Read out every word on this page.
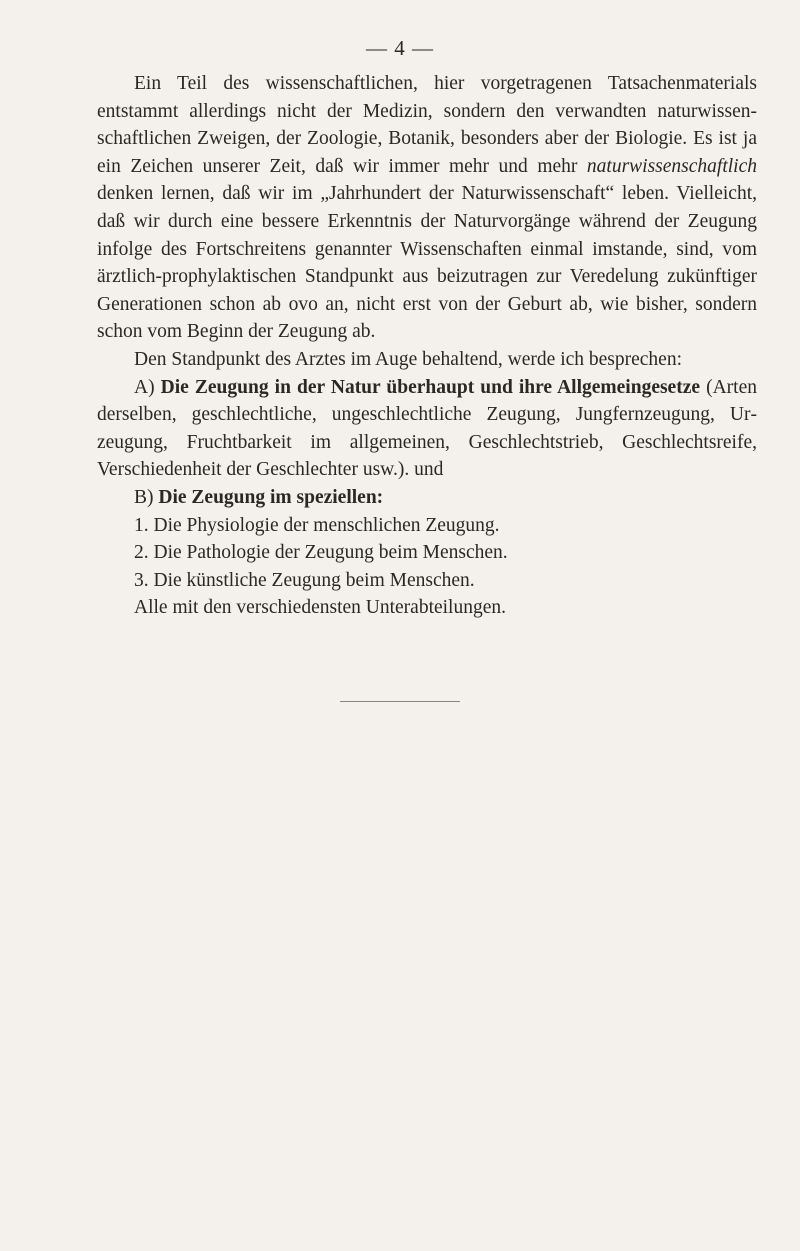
— 4 —

Ein Teil des wissenschaftlichen, hier vorgetragenen Tatsachenmaterials entstammt allerdings nicht der Medizin, sondern den verwandten naturwissenschaftlichen Zweigen, der Zoologie, Botanik, besonders aber der Biologie. Es ist ja ein Zeichen unserer Zeit, daß wir immer mehr und mehr naturwissenschaftlich denken lernen, daß wir im „Jahrhundert der Naturwissenschaft“ leben. Vielleicht, daß wir durch eine bessere Erkenntnis der Naturvorgänge während der Zeugung infolge des Fortschreitens genannter Wissenschaften einmal imstande, sind, vom ärztlich-prophylaktischen Standpunkt aus beizutragen zur Veredelung zukünftiger Generationen schon ab ovo an, nicht erst von der Geburt ab, wie bisher, sondern schon vom Beginn der Zeugung ab.

Den Standpunkt des Arztes im Auge behaltend, werde ich besprechen:

A) Die Zeugung in der Natur überhaupt und ihre Allgemeingesetze (Arten derselben, geschlechtliche, ungeschlechtliche Zeugung, Jungfernzeugung, Urzeugung, Fruchtbarkeit im allgemeinen, Geschlechtstrieb, Geschlechtsreife, Verschiedenheit der Geschlechter usw.). und

B) Die Zeugung im speziellen:

1. Die Physiologie der menschlichen Zeugung.
2. Die Pathologie der Zeugung beim Menschen.
3. Die künstliche Zeugung beim Menschen.

Alle mit den verschiedensten Unterabteilungen.
